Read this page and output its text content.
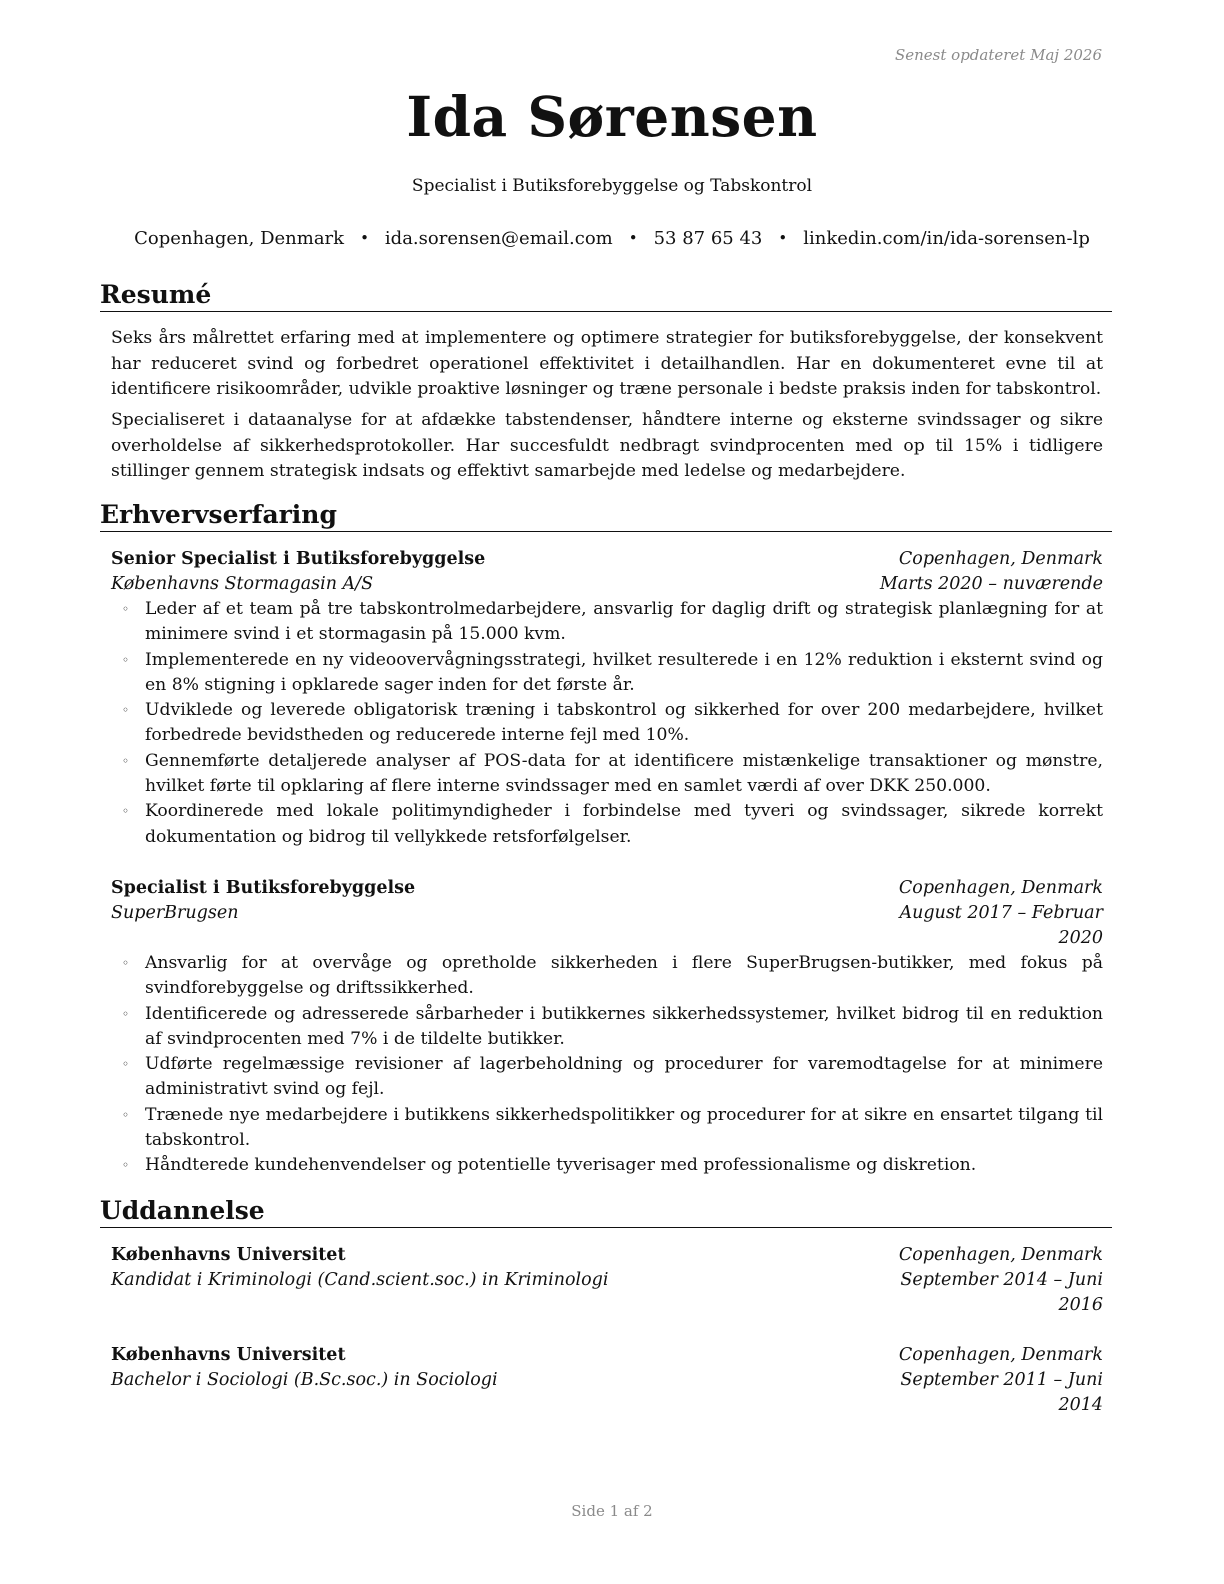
Senest opdateret Maj 2026
Ida Sørensen
Specialist i Butiksforebyggelse og Tabskontrol
Copenhagen, Denmark • ida.sorensen@email.com • 53 87 65 43 • linkedin.com/in/ida-sorensen-lp
Resumé

Seks års målrettet erfaring med at implementere og optimere strategier for butiksforebyggelse, der konsekvent har reduceret svind og forbedret operationel effektivitet i detailhandlen. Har en dokumenteret evne til at identificere risikoområder, udvikle proaktive løsninger og træne personale i bedste praksis inden for tabskontrol.

Specialiseret i dataanalyse for at afdække tabstendenser, håndtere interne og eksterne svindssager og sikre overholdelse af sikkerhedsprotokoller. Har succesfuldt nedbragt svindprocenten med op til 15% i tidligere stillinger gennem strategisk indsats og effektivt samarbejde med ledelse og medarbejdere.

Erhvervserfaring
Senior Specialist i Butiksforebyggelse	Copenhagen, Denmark
Københavns Stormagasin A/S	Marts 2020 – nuværende
◦ Leder af et team på tre tabskontrolmedarbejdere, ansvarlig for daglig drift og strategisk planlægning for at minimere svind i et stormagasin på 15.000 kvm.
◦ Implementerede en ny videoovervågningsstrategi, hvilket resulterede i en 12% reduktion i eksternt svind og en 8% stigning i opklarede sager inden for det første år.
◦ Udviklede og leverede obligatorisk træning i tabskontrol og sikkerhed for over 200 medarbejdere, hvilket forbedrede bevidstheden og reducerede interne fejl med 10%.
◦ Gennemførte detaljerede analyser af POS-data for at identificere mistænkelige transaktioner og mønstre, hvilket førte til opklaring af flere interne svindssager med en samlet værdi af over DKK 250.000.
◦ Koordinerede med lokale politimyndigheder i forbindelse med tyveri og svindssager, sikrede korrekt dokumentation og bidrog til vellykkede retsforfølgelser.
Specialist i Butiksforebyggelse	Copenhagen, Denmark
SuperBrugsen	August 2017 – Februar 2020
◦ Ansvarlig for at overvåge og opretholde sikkerheden i flere SuperBrugsen-butikker, med fokus på svindforebyggelse og driftssikkerhed.
◦ Identificerede og adresserede sårbarheder i butikkernes sikkerhedssystemer, hvilket bidrog til en reduktion af svindprocenten med 7% i de tildelte butikker.
◦ Udførte regelmæssige revisioner af lagerbeholdning og procedurer for varemodtagelse for at minimere administrativt svind og fejl.
◦ Trænede nye medarbejdere i butikkens sikkerhedspolitikker og procedurer for at sikre en ensartet tilgang til tabskontrol.
◦ Håndterede kundehenvendelser og potentielle tyverisager med professionalisme og diskretion.
Uddannelse
Københavns Universitet	Copenhagen, Denmark
Kandidat i Kriminologi (Cand.scient.soc.) in Kriminologi	September 2014 – Juni 2016
Københavns Universitet	Copenhagen, Denmark
Bachelor i Sociologi (B.Sc.soc.) in Sociologi	September 2011 – Juni 2014
Side 1 af 2
